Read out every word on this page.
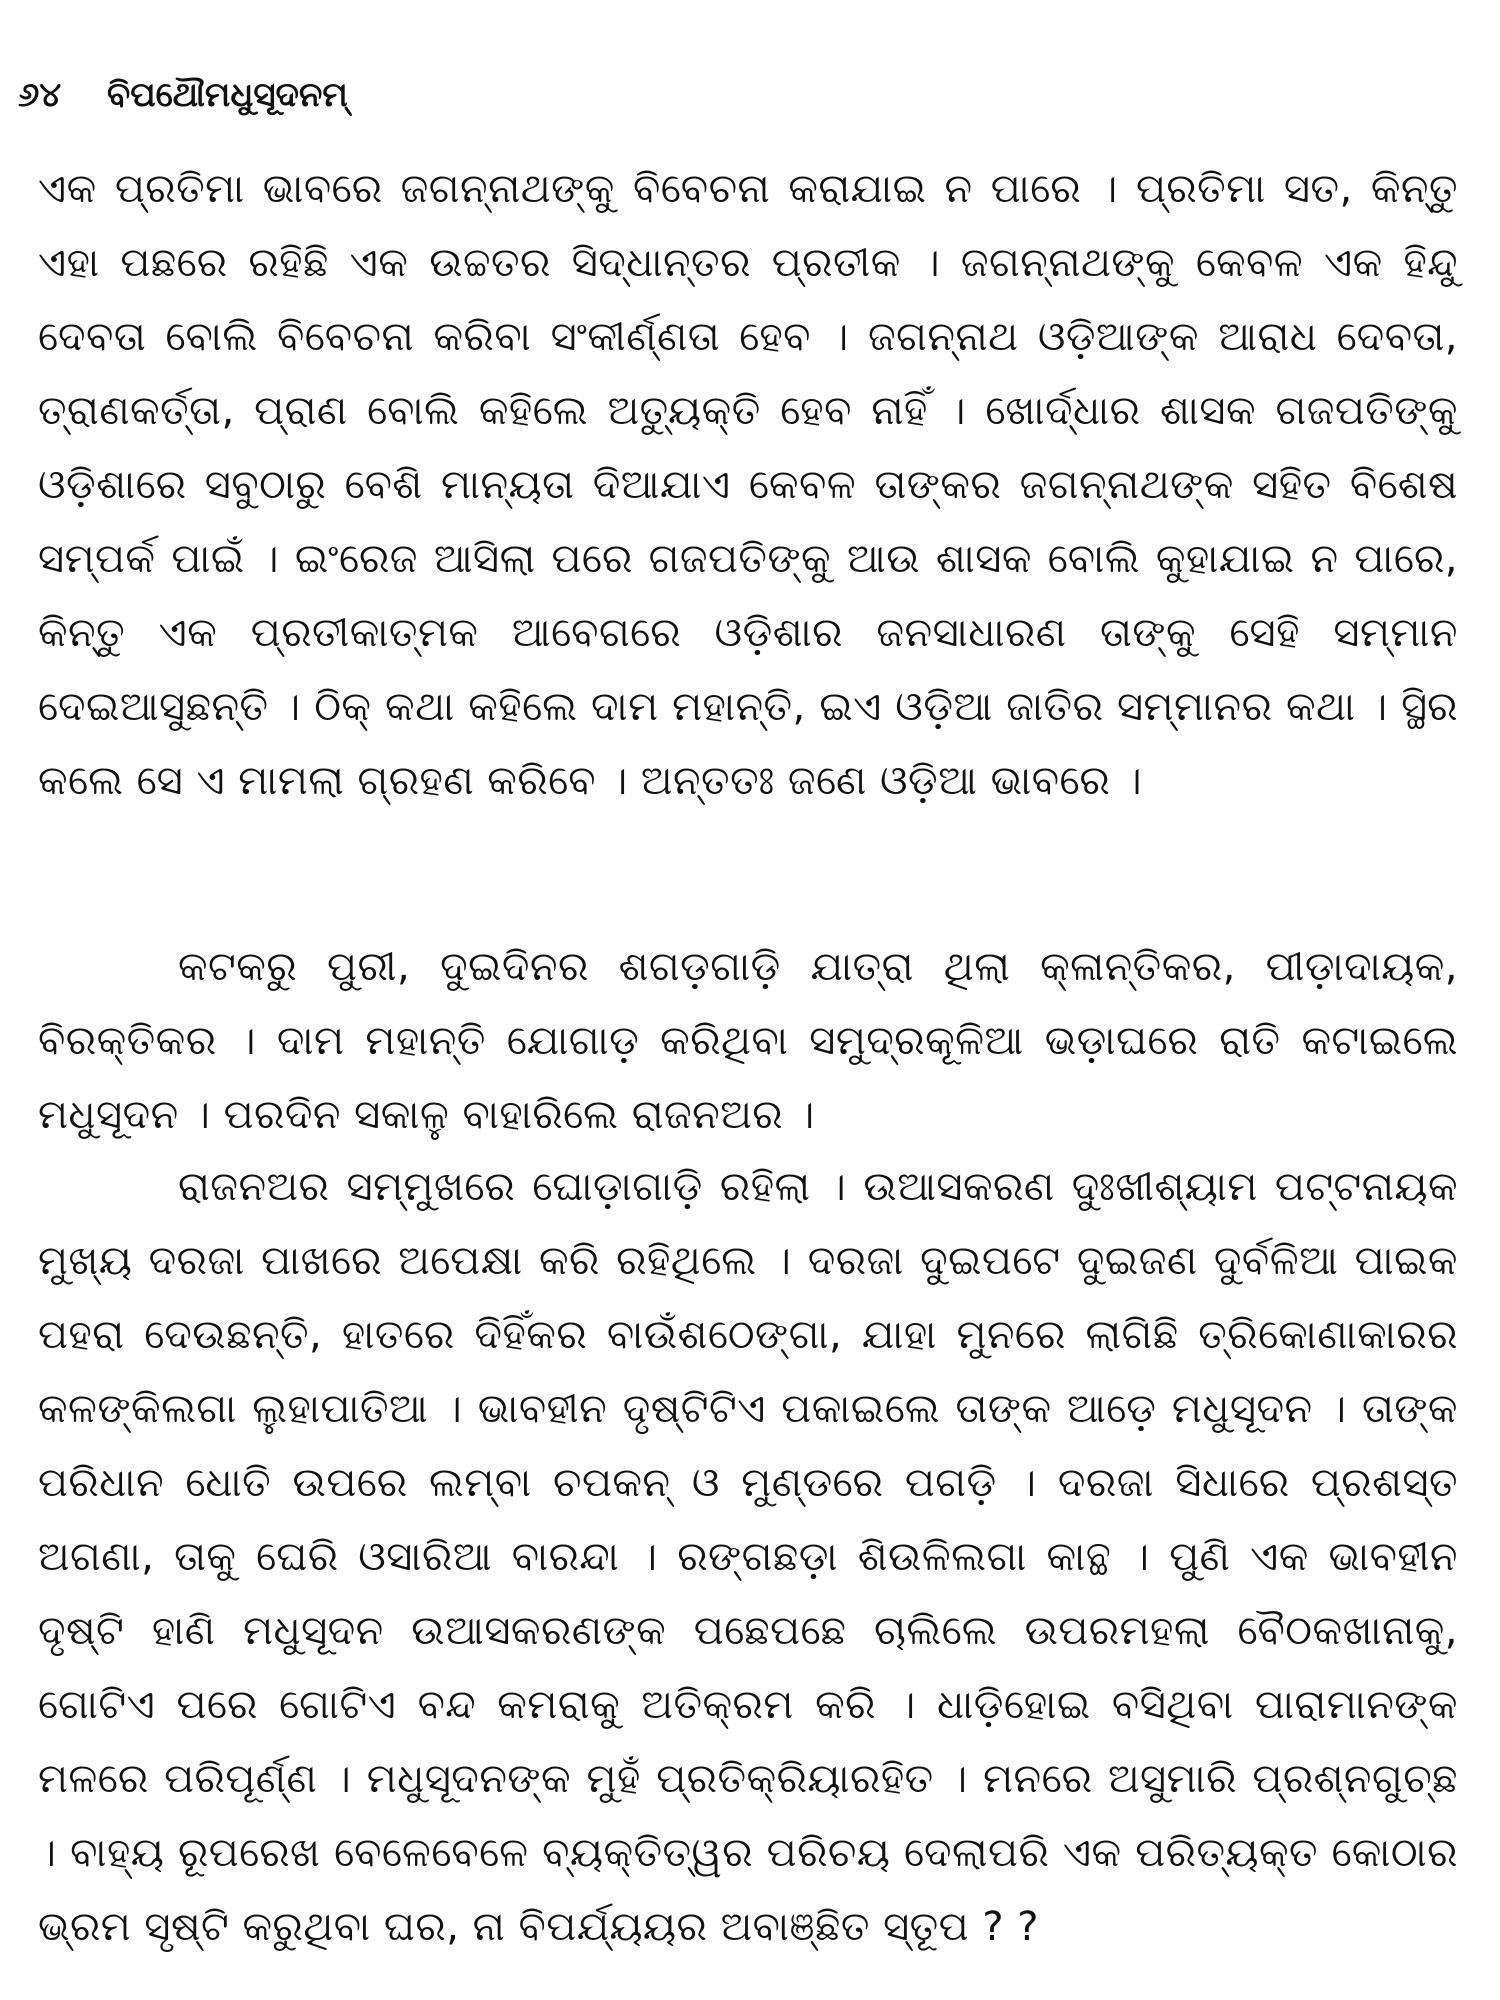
୬୪ ବିପଥୌମଧୁସୂଦନମ୍

ଏକ ପ୍ରତିମା ଭାବରେ ଜଗନ୍ନାଥଙ୍କୁ ବିବେଚନା କରାଯାଇ ନ ପାରେ । ପ୍ରତିମା ସତ, କିନ୍ତୁ ଏହା ପଛରେ ରହିଛି ଏକ ଉଚ୍ଚତର ସିଦ୍ଧାନ୍ତର ପ୍ରତୀକ । ଜଗନ୍ନାଥଙ୍କୁ କେବଳ ଏକ ହିନ୍ଦୁ ଦେବତା ବୋଲି ବିବେଚନା କରିବା ସଂକୀର୍ଣ୍ଣତା ହେବ । ଜଗନ୍ନାଥ ଓଡ଼ିଆଙ୍କ ଆରାଧ ଦେବତା, ତ୍ରାଣକର୍ତ୍ତା, ପ୍ରାଣ ବୋଲି କହିଲେ ଅତ୍ୟୁକ୍ତି ହେବ ନାହିଁ । ଖୋର୍ଦ୍ଧାର ଶାସକ ଗଜପତିଙ୍କୁ ଓଡ଼ିଶାରେ ସବୁଠାରୁ ବେଶି ମାନ୍ୟତା ଦିଆଯାଏ କେବଳ ତାଙ୍କର ଜଗନ୍ନାଥଙ୍କ ସହିତ ବିଶେଷ ସମ୍ପର୍କ ପାଇଁ । ଇଂରେଜ ଆସିଲା ପରେ ଗଜପତିଙ୍କୁ ଆଉ ଶାସକ ବୋଲି କୁହାଯାଇ ନ ପାରେ, କିନ୍ତୁ ଏକ ପ୍ରତୀକାତ୍ମକ ଆବେଗରେ ଓଡ଼ିଶାର ଜନସାଧାରଣ ତାଙ୍କୁ ସେହି ସମ୍ମାନ ଦେଇଆସୁଛନ୍ତି । ଠିକ୍ କଥା କହିଲେ ଦାମ ମହାନ୍ତି, ଇଏ ଓଡ଼ିଆ ଜାତିର ସମ୍ମାନର କଥା । ସ୍ଥିର କଲେ ସେ ଏ ମାମଲା ଗ୍ରହଣ କରିବେ । ଅନ୍ତତଃ ଜଣେ ଓଡ଼ିଆ ଭାବରେ ।

କଟକରୁ ପୁରୀ, ଦୁଇଦିନର ଶଗଡ଼ଗାଡ଼ି ଯାତ୍ରା ଥିଲା କ୍ଳାନ୍ତିକର, ପୀଡ଼ାଦାୟକ, ବିରକ୍ତିକର । ଦାମ ମହାନ୍ତି ଯୋଗାଡ଼ କରିଥିବା ସମୁଦ୍ରକୂଳିଆ ଭଡ଼ାଘରେ ରାତି କଟାଇଲେ ମଧୁସୂଦନ । ପରଦିନ ସକାଳୁ ବାହାରିଲେ ରାଜନଅର ।

ରାଜନଅର ସମ୍ମୁଖରେ ଘୋଡ଼ାଗାଡ଼ି ରହିଲା । ଉଆସକରଣ ଦୁଃଖୀଶ୍ୟାମ ପଟ୍ଟନାୟକ ମୁଖ୍ୟ ଦରଜା ପାଖରେ ଅପେକ୍ଷା କରି ରହିଥିଲେ । ଦରଜା ଦୁଇପଟେ ଦୁଇଜଣ ଦୁର୍ବଳିଆ ପାଇକ ପହରା ଦେଉଛନ୍ତି, ହାତରେ ଦିହିଁକର ବାଉଁଶଠେଙ୍ଗା, ଯାହା ମୁନରେ ଲାଗିଛି ତ୍ରିକୋଣାକାରର କଳଙ୍କିଲଗା ଲୁହାପାତିଆ । ଭାବହୀନ ଦୃଷ୍ଟିଟିଏ ପକାଇଲେ ତାଙ୍କ ଆଡ଼େ ମଧୁସୂଦନ । ତାଙ୍କ ପରିଧାନ ଧୋତି ଉପରେ ଲମ୍ବା ଚପକନ୍ ଓ ମୁଣ୍ଡରେ ପଗଡ଼ି । ଦରଜା ସିଧାରେ ପ୍ରଶସ୍ତ ଅଗଣା, ତାକୁ ଘେରି ଓସାରିଆ ବାରନ୍ଦା । ରଙ୍ଗଛଡ଼ା ଶିଉଳିଲଗା କାନ୍ଥ । ପୁଣି ଏକ ଭାବହୀନ ଦୃଷ୍ଟି ହାଣି ମଧୁସୂଦନ ଉଆସକରଣଙ୍କ ପଛେପଛେ ଚାଲିଲେ ଉପରମହଲା ବୈଠକଖାନାକୁ, ଗୋଟିଏ ପରେ ଗୋଟିଏ ବନ୍ଦ କମରାକୁ ଅତିକ୍ରମ କରି । ଧାଡ଼ିହୋଇ ବସିଥିବା ପାରାମାନଙ୍କ ମଳରେ ପରିପୂର୍ଣ୍ଣ । ମଧୁସୂଦନଙ୍କ ମୁହଁ ପ୍ରତିକ୍ରିୟାରହିତ । ମନରେ ଅସୁମାରି ପ୍ରଶ୍ନଗୁଚ୍ଛ । ବାହ୍ୟ ରୂପରେଖ ବେଳେବେଳେ ବ୍ୟକ୍ତିତ୍ୱର ପରିଚୟ ଦେଲାପରି ଏକ ପରିତ୍ୟକ୍ତ କୋଠାର ଭ୍ରମ ସୃଷ୍ଟି କରୁଥିବା ଘର, ନା ବିପର୍ଯ୍ୟୟର ଅବାଞ୍ଛିତ ସ୍ତୂପ ? ?
